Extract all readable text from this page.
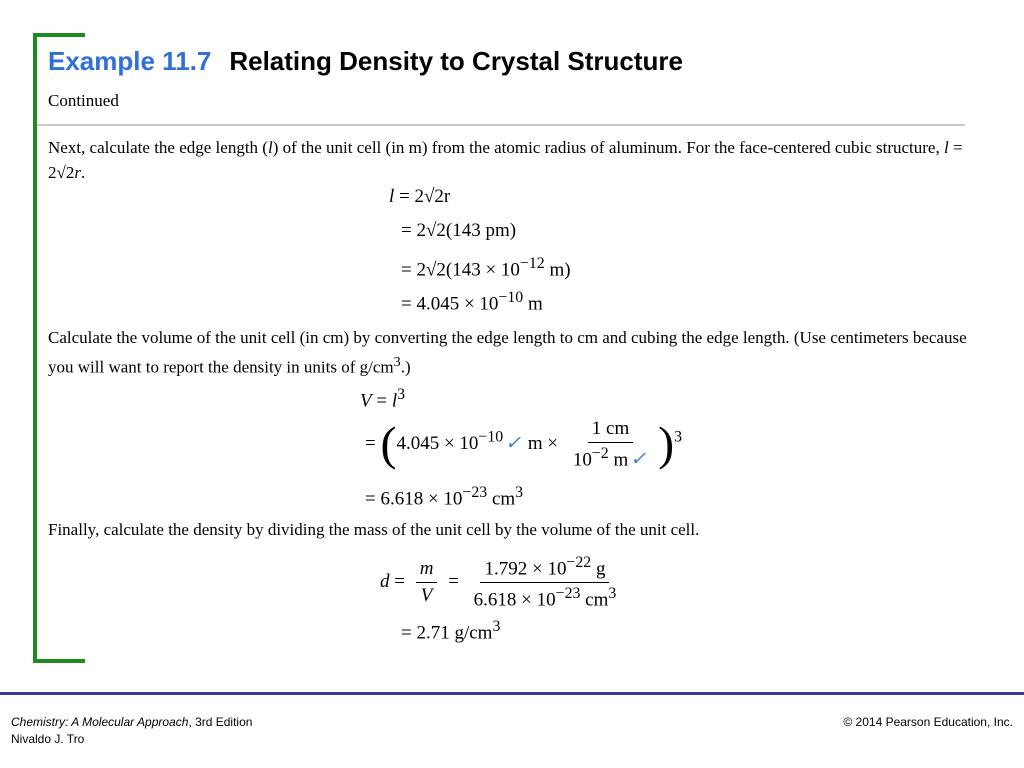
Example 11.7 Relating Density to Crystal Structure
Continued
Next, calculate the edge length (l) of the unit cell (in m) from the atomic radius of aluminum. For the face-centered cubic structure, l = 2√2r.
l = 2√2r
= 2√2(143 pm)
= $2√2(143 \times 10^{-12}$ m)
= $4.045 \times 10^{-10}$ m
Calculate the volume of the unit cell (in cm) by converting the edge length to cm and cubing the edge length. (Use centimeters because you will want to report the density in units of $g/cm^3$.)
$V = l^3$
= ($4.045 \times 10^{-10}$ ✓ $m \times \frac{1 cm}{10^{-2} m ✓} )^3$
= $6.618 \times 10^{-23}$ $cm^3$
Finally, calculate the density by dividing the mass of the unit cell by the volume of the unit cell.
$d = \frac{m}{V} = \frac{1.792 \times 10^{-22} g}{6.618 \times 10^{-23} cm^3}$
= 2.71 $g/cm^3$
Chemistry: A Molecular Approach, 3rd Edition
Nivaldo J. Tro
© 2014 Pearson Education, Inc.
